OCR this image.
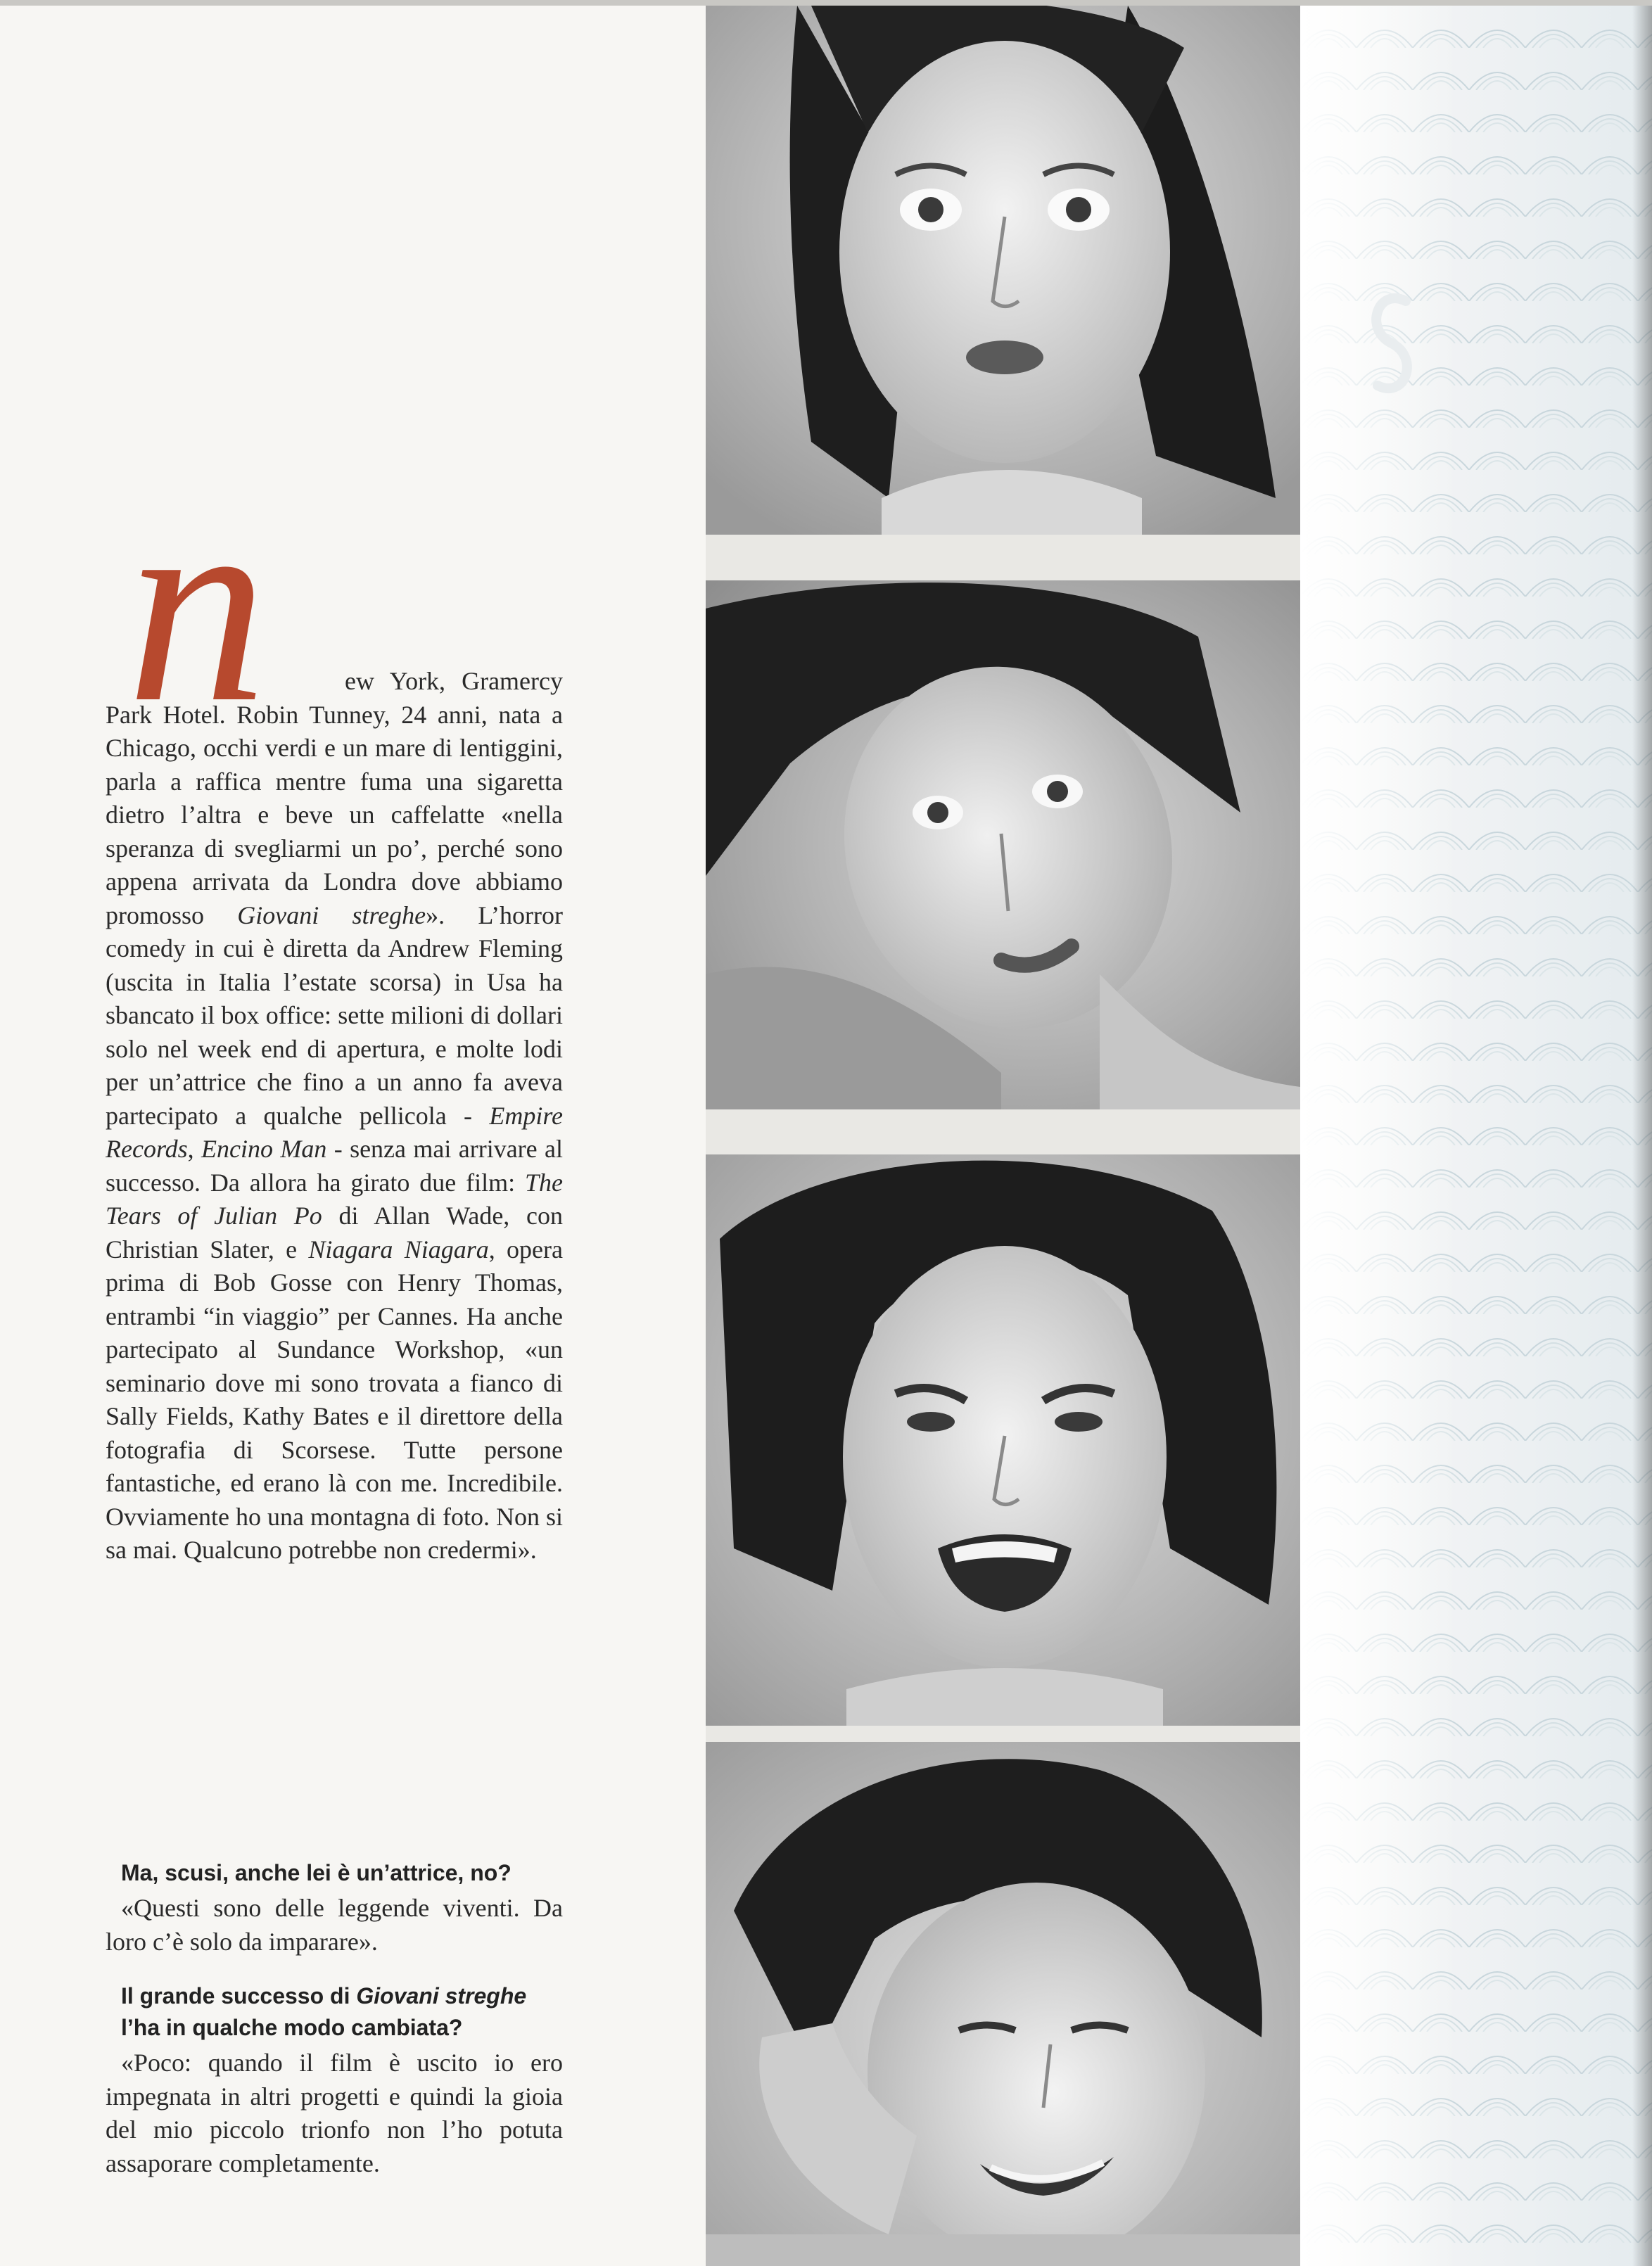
n	ew York, Gramercy Park Hotel. Robin Tunney, 24 anni, nata a Chicago, occhi verdi e un mare di lentiggini, parla a raffica mentre fuma una sigaretta dietro l’altra e beve un caffelatte «nella speranza di svegliarmi un po’, perché sono appena arrivata da Londra dove abbiamo promosso Giovani streghe». L’horror comedy in cui è diretta da Andrew Fleming (uscita in Italia l’estate scorsa) in Usa ha sbancato il box office: sette milioni di dollari solo nel week end di apertura, e molte lodi per un’attrice che fino a un anno fa aveva partecipato a qualche pellicola - Empire Records, Encino Man - senza mai arrivare al successo. Da allora ha girato due film: The Tears of Julian Po di Allan Wade, con Christian Slater, e Niagara Niagara, opera prima di Bob Gosse con Henry Thomas, entrambi “in viaggio” per Cannes. Ha anche partecipato al Sundance Workshop, «un seminario dove mi sono trovata a fianco di Sally Fields, Kathy Bates e il direttore della fotografia di Scorsese. Tutte persone fantastiche, ed erano là con me. Incredibile. Ovviamente ho una montagna di foto. Non si sa mai. Qualcuno potrebbe non credermi».

Ma, scusi, anche lei è un’attrice, no?

«Questi sono delle leggende viventi. Da loro c’è solo da imparare».

Il grande successo di Giovani streghe l’ha in qualche modo cambiata?

«Poco: quando il film è uscito io ero impegnata in altri progetti e quindi la gioia del mio piccolo trionfo non l’ho potuta assaporare completamente.
